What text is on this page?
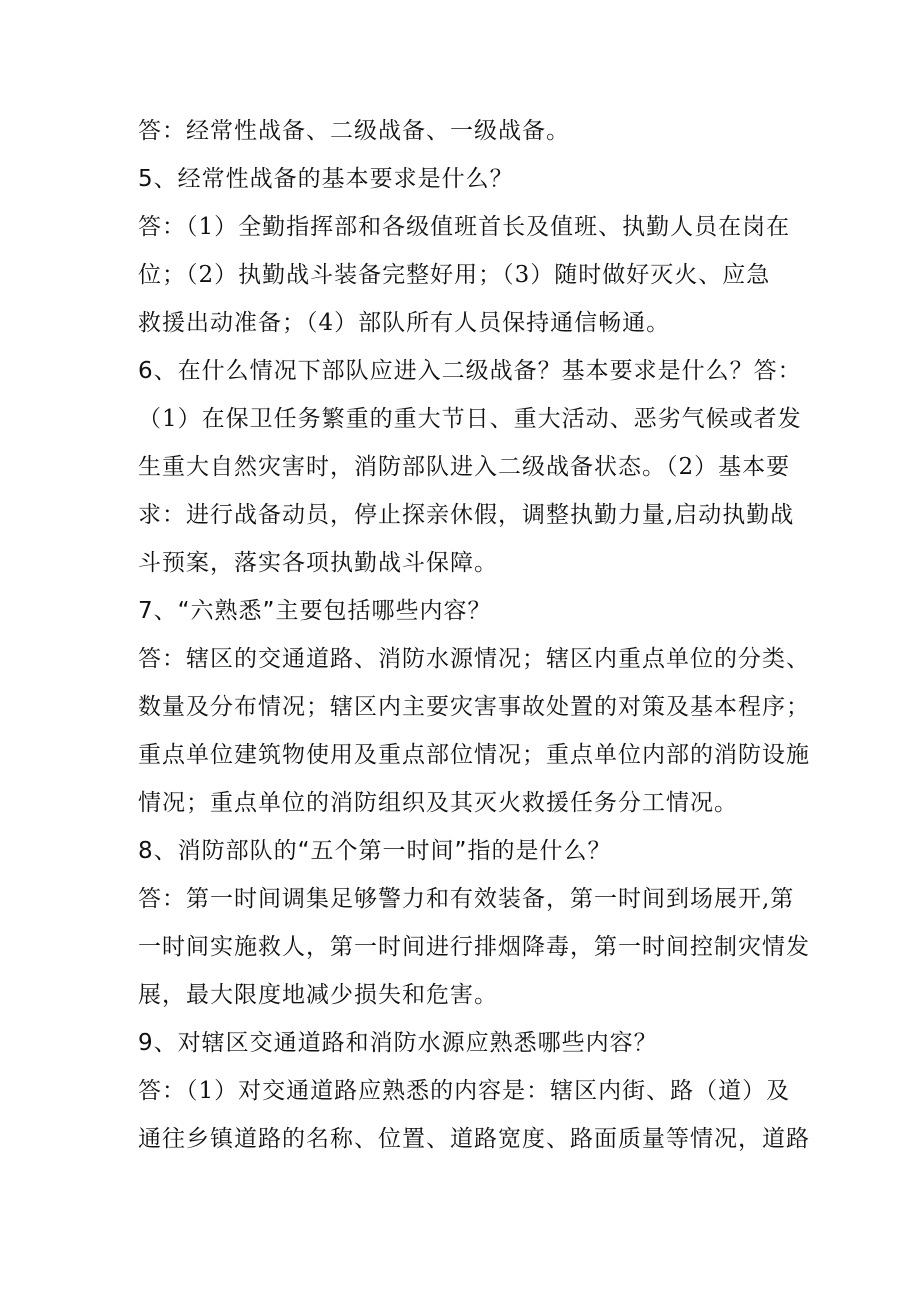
答：经常性战备、二级战备、一级战备。
5、经常性战备的基本要求是什么？
答：（1）全勤指挥部和各级值班首长及值班、执勤人员在岗在
位；（2）执勤战斗装备完整好用；（3）随时做好灭火、应急
救援出动准备；（4）部队所有人员保持通信畅通。
6、在什么情况下部队应进入二级战备？基本要求是什么？答：
（1）在保卫任务繁重的重大节日、重大活动、恶劣气候或者发
生重大自然灾害时，消防部队进入二级战备状态。（2）基本要
求：进行战备动员，停止探亲休假，调整执勤力量,启动执勤战
斗预案，落实各项执勤战斗保障。
7、“六熟悉”主要包括哪些内容？
答：辖区的交通道路、消防水源情况；辖区内重点单位的分类、
数量及分布情况；辖区内主要灾害事故处置的对策及基本程序；
重点单位建筑物使用及重点部位情况；重点单位内部的消防设施
情况；重点单位的消防组织及其灭火救援任务分工情况。
8、消防部队的“五个第一时间”指的是什么？
答：第一时间调集足够警力和有效装备，第一时间到场展开,第
一时间实施救人，第一时间进行排烟降毒，第一时间控制灾情发
展，最大限度地减少损失和危害。
9、对辖区交通道路和消防水源应熟悉哪些内容？
答：（1）对交通道路应熟悉的内容是：辖区内街、路（道）及
通往乡镇道路的名称、位置、道路宽度、路面质量等情况，道路
